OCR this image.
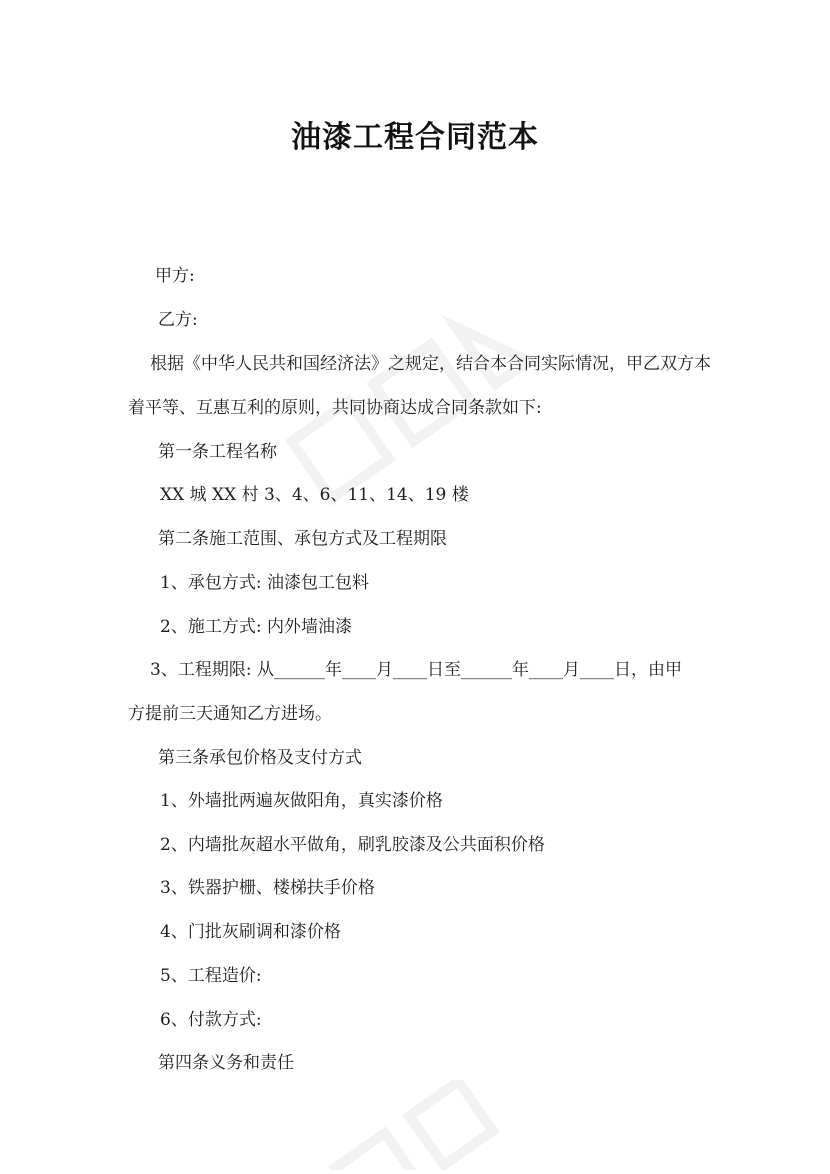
油漆工程合同范本
甲方:
乙方:
根据《中华人民共和国经济法》之规定，结合本合同实际情况，甲乙双方本
着平等、互惠互利的原则，共同协商达成合同条款如下:
第一条工程名称
XX 城 XX 村 3、4、6、11、14、19 楼
第二条施工范围、承包方式及工程期限
1、承包方式: 油漆包工包料
2、施工方式: 内外墙油漆
3、工程期限: 从______年____月____日至______年____月____日，由甲
方提前三天通知乙方进场。
第三条承包价格及支付方式
1、外墙批两遍灰做阳角，真实漆价格
2、内墙批灰超水平做角，刷乳胶漆及公共面积价格
3、铁器护栅、楼梯扶手价格
4、门批灰刷调和漆价格
5、工程造价:
6、付款方式:
第四条义务和责任
